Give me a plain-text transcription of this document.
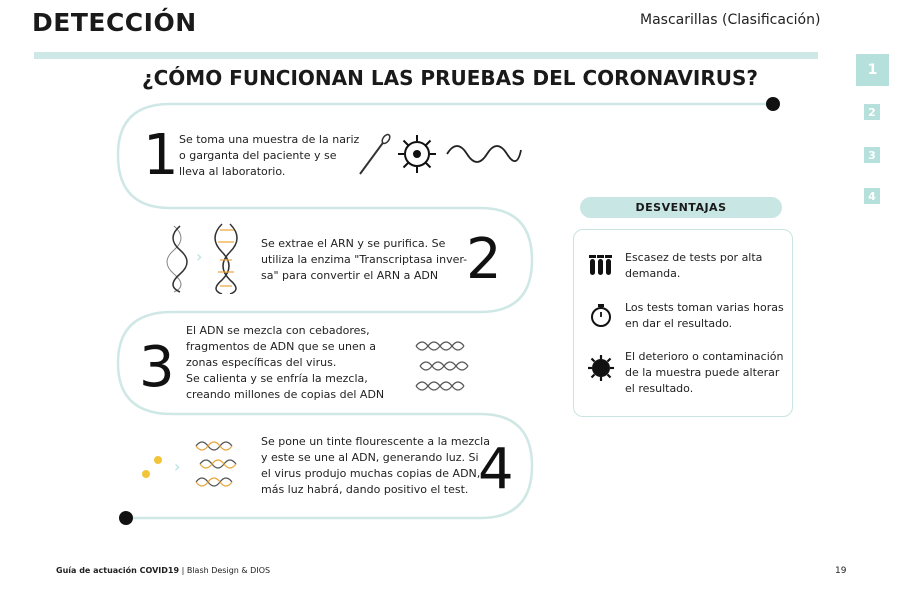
DETECCIÓN	Mascarillas (Clasificación)
1
2
3
4
¿CÓMO FUNCIONAN LAS PRUEBAS DEL CORONAVIRUS?
1 Se toma una muestra de la nariz
o garganta del paciente y se
lleva al laboratorio.
›
Se extrae el ARN y se purifica. Se
utiliza la enzima "Transcriptasa inver-
sa" para convertir el ARN a ADN 2
3
El ADN se mezcla con cebadores,
fragmentos de ADN que se unen a
zonas específicas del virus.
Se calienta y se enfría la mezcla,
creando millones de copias del ADN
›
Se pone un tinte flourescente a la mezcla
y este se une al ADN, generando luz. Si
el virus produjo muchas copias de ADN,
más luz habrá, dando positivo el test. 4
DESVENTAJAS
Escasez de tests por alta
demanda.
Los tests toman varias horas
en dar el resultado.
El deterioro o contaminación
de la muestra puede alterar
el resultado.
Guía de actuación COVID19 | Blash Design & DIOS	19
